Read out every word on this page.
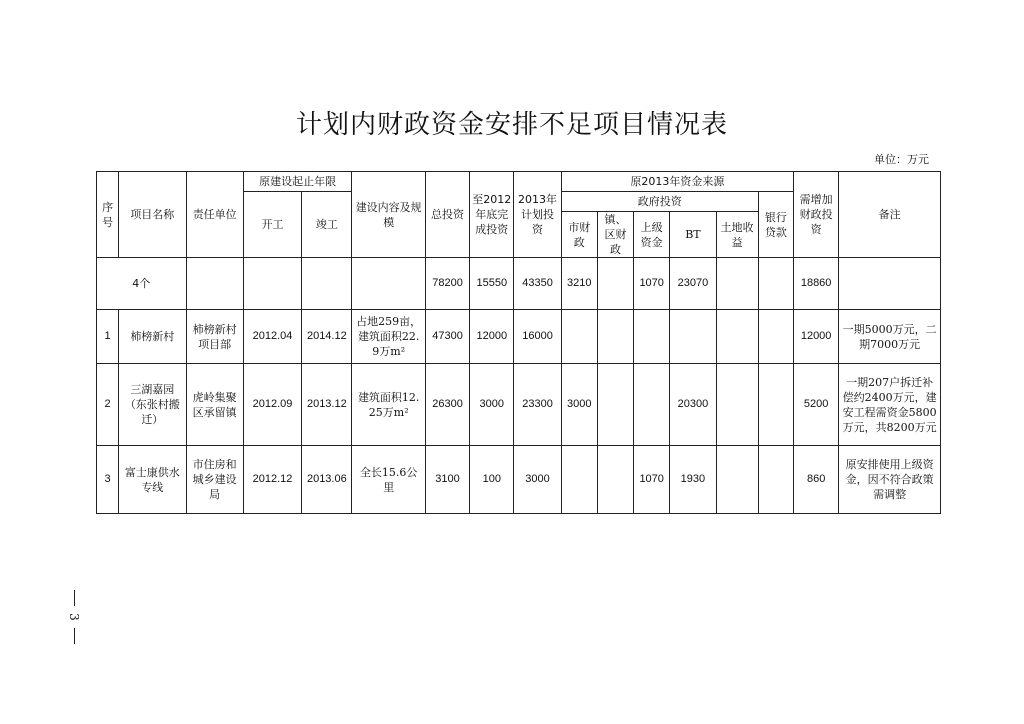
计划内财政资金安排不足项目情况表
单位：万元
序号	项目名称	责任单位	原建设起止年限		建设内容及规模	总投资	至2012年底完成投资	2013年计划投资	原2013年资金来源						需增加财政投资	备注
			开工	竣工					政府投资					银行贷款		
									市财政	镇、区财政	上级资金	BT	土地收益			
4个						78200	15550	43350	3210		1070	23070			18860	
1	柿榜新村	柿榜新村项目部	2012.04	2014.12	占地259亩，建筑面积22.9万m²	47300	12000	16000							12000	一期5000万元，二期7000万元
2	三湖嘉园（东张村搬迁）	虎岭集聚区承留镇	2012.09	2013.12	建筑面积12.25万m²	26300	3000	23300	3000			20300			5200	一期207户拆迁补偿约2400万元，建安工程需资金5800万元，共8200万元
3	富士康供水专线	市住房和城乡建设局	2012.12	2013.06	全长15.6公里	3100	100	3000			1070	1930			860	原安排使用上级资金，因不符合政策需调整
3
